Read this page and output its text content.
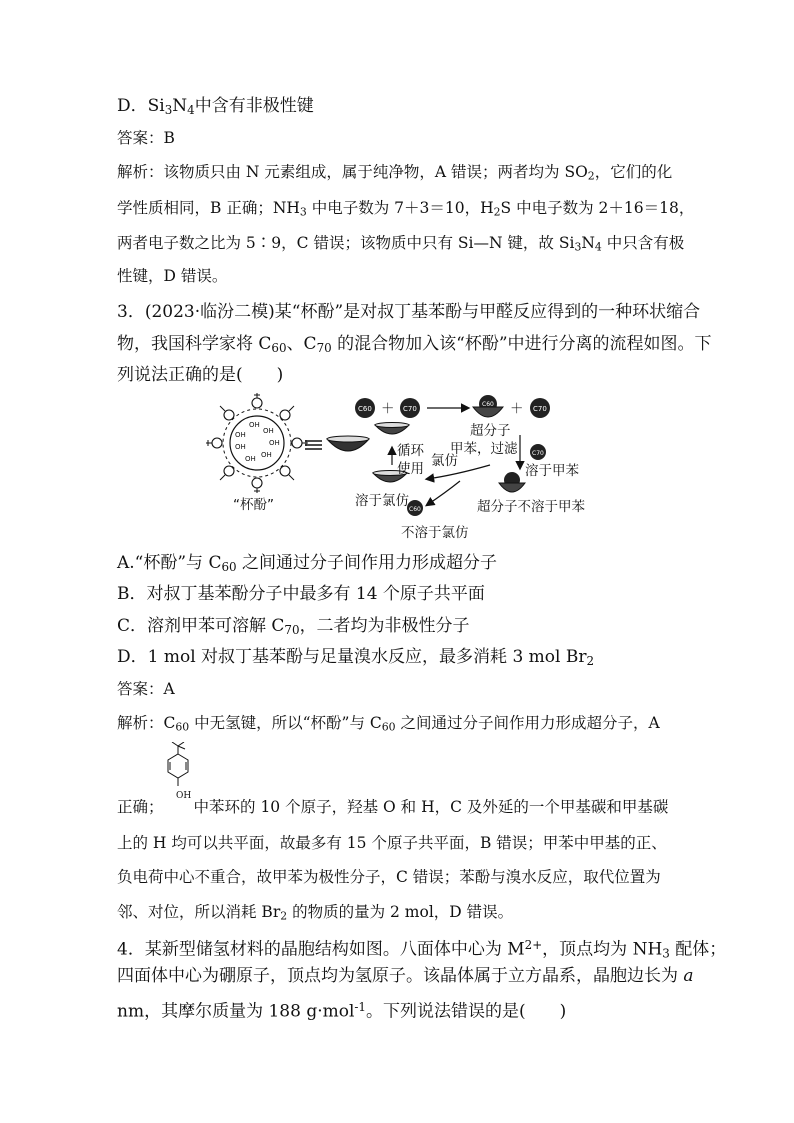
D．$Si_3N_4$中含有非极性键
答案：B
解析：该物质只由 N 元素组成，属于纯净物，A 错误；两者均为 $SO_2$，它们的化
学性质相同，B 正确；$NH_3$ 中电子数为 7＋3＝10，$H_2S$ 中电子数为 2＋16＝18，
两者电子数之比为 5∶9，C 错误；该物质中只有 Si—N 键，故 $Si_3N_4$ 中只含有极
性键，D 错误。
3．(2023·临汾二模)某“杯酚”是对叔丁基苯酚与甲醛反应得到的一种环状缩合
物，我国科学家将 $C_{60}$、$C_{70}$ 的混合物加入该“杯酚”中进行分离的流程如图。下
列说法正确的是(　　)
OH
OH
OH
OH
OH
OH
OH
“杯酚”
C60 ＋ C70
C60 ＋ C70
超分子
甲苯，过滤 C70
溶于甲苯
超分子不溶于甲苯
氯仿
C60
不溶于氯仿
溶于氯仿
循环
使用
A.“杯酚”与 $C_{60}$ 之间通过分子间作用力形成超分子
B．对叔丁基苯酚分子中最多有 14 个原子共平面
C．溶剂甲苯可溶解 $C_{70}$，二者均为非极性分子
D．1 mol 对叔丁基苯酚与足量溴水反应，最多消耗 3 mol $Br_2$
答案：A
解析：$C_{60}$ 中无氢键，所以“杯酚”与 $C_{60}$ 之间通过分子间作用力形成超分子，A
OH
正确； 中苯环的 10 个原子，羟基 O 和 H，C 及外延的一个甲基碳和甲基碳
上的 H 均可以共平面，故最多有 15 个原子共平面，B 错误；甲苯中甲基的正、
负电荷中心不重合，故甲苯为极性分子，C 错误；苯酚与溴水反应，取代位置为
邻、对位，所以消耗 $Br_2$ 的物质的量为 2 mol，D 错误。
4．某新型储氢材料的晶胞结构如图。八面体中心为 $M^{2+}$，顶点均为 $NH_3$ 配体；
四面体中心为硼原子，顶点均为氢原子。该晶体属于立方晶系，晶胞边长为 a
nm，其摩尔质量为 188 g·mol$^{-1}$。下列说法错误的是(　　)
